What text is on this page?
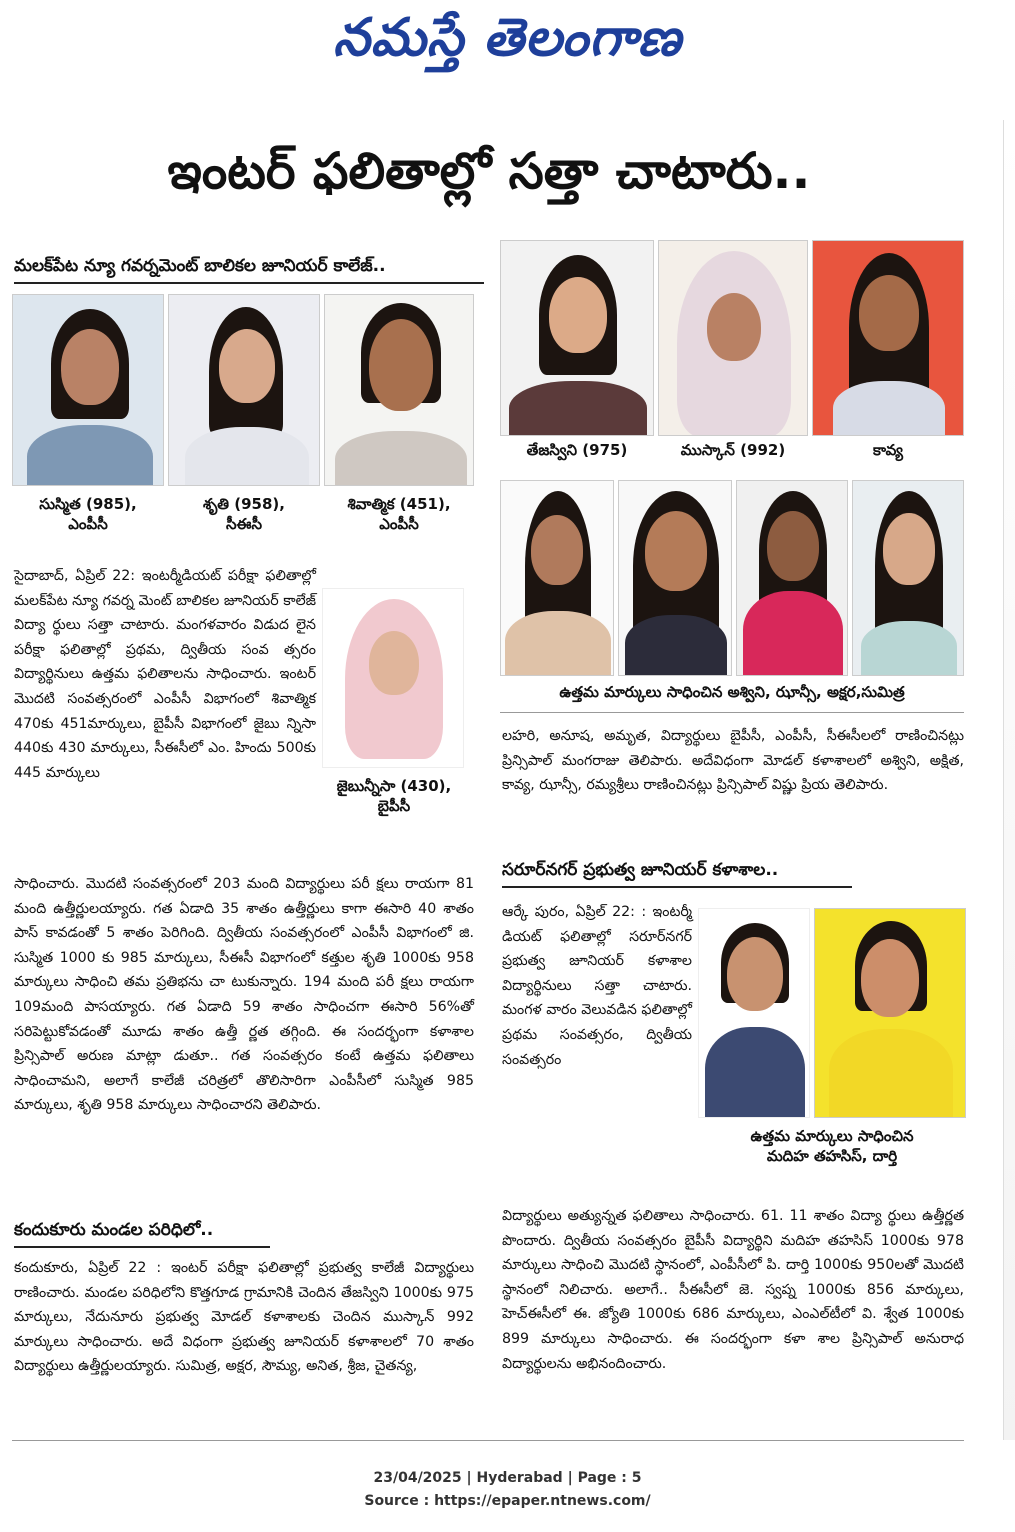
నమస్తే తెలంగాణ
ఇంటర్ ఫలితాల్లో సత్తా చాటారు..
మలక్‌పేట న్యూ గవర్నమెంట్ బాలికల జూనియర్ కాలేజ్..
సుస్మిత (985),
ఎంపీసీ
శృతి (958),
సీఈసీ
శివాత్మిక (451),
ఎంపీసీ

సైదాబాద్, ఏప్రిల్ 22: ఇంటర్మీడియట్ పరీక్షా ఫలితాల్లో మలక్‌పేట న్యూ గవర్న మెంట్ బాలికల జూనియర్ కాలేజ్ విద్యా ర్థులు సత్తా చాటారు. మంగళవారం విడుద లైన పరీక్షా ఫలితాల్లో ప్రథమ, ద్వితీయ సంవ త్సరం విద్యార్థినులు ఉత్తమ ఫలితాలను సాధించారు. ఇంటర్ మొదటి సంవత్సరంలో ఎంపీసీ విభాగంలో శివాత్మిక 470కు 451మార్కులు, బైపీసీ విభాగంలో జైబు న్నిసా 440కు 430 మార్కులు, సీఈసీలో ఎం. హిందు 500కు 445 మార్కులు

జైబున్నీసా (430),
బైపీసీ

సాధించారు. మొదటి సంవత్సరంలో 203 మంది విద్యార్థులు పరీ క్షలు రాయగా 81 మంది ఉత్తీర్ణులయ్యారు. గత ఏడాది 35 శాతం ఉత్తీర్ణులు కాగా ఈసారి 40 శాతం పాస్ కావడంతో 5 శాతం పెరిగింది. ద్వితీయ సంవత్సరంలో ఎంపీసీ విభాగంలో జి. సుస్మిత 1000 కు 985 మార్కులు, సీఈసీ విభాగంలో కత్తుల శృతి 1000కు 958 మార్కులు సాధించి తమ ప్రతిభను చా టుకున్నారు. 194 మంది పరీ క్షలు రాయగా 109మంది పాసయ్యారు. గత ఏడాది 59 శాతం సాధించగా ఈసారి 56%తో సరిపెట్టుకోవడంతో మూడు శాతం ఉత్తీ ర్ణత తగ్గింది. ఈ సందర్భంగా కళాశాల ప్రిన్సిపాల్ అరుణ మాట్లా డుతూ.. గత సంవత్సరం కంటే ఉత్తమ ఫలితాలు సాధించామని, అలాగే కాలేజీ చరిత్రలో తొలిసారిగా ఎంపీసీలో సుస్మిత 985 మార్కులు, శృతి 958 మార్కులు సాధించారని తెలిపారు.

కందుకూరు మండల పరిధిలో..

కందుకూరు, ఏప్రిల్ 22 : ఇంటర్ పరీక్షా ఫలితాల్లో ప్రభుత్వ కాలేజీ విద్యార్థులు రాణించారు. మండల పరిధిలోని కొత్తగూడ గ్రామానికి చెందిన తేజస్విని 1000కు 975 మార్కులు, నేదునూరు ప్రభుత్వ మోడల్ కళాశాలకు చెందిన ముస్కాన్ 992 మార్కులు సాధించారు. అదే విధంగా ప్రభుత్వ జూనియర్ కళాశాలలో 70 శాతం విద్యార్థులు ఉత్తీర్ణులయ్యారు. సుమిత్ర, అక్షర, సౌమ్య, అనిత, శ్రీజ, చైతన్య,

తేజస్విని (975)	ముస్కాన్ (992)	కావ్య
ఉత్తమ మార్కులు సాధించిన అశ్విని, ఝాన్సీ, అక్షర,సుమిత్ర

లహరి, అనూష, అమృత, విద్యార్థులు బైపీసీ, ఎంపీసీ, సీఈసీలలో రాణించినట్లు ప్రిన్సిపాల్ మంగరాజు తెలిపారు. అదేవిధంగా మోడల్ కళాశాలలో అశ్విని, అక్షిత, కావ్య, ఝాన్సీ, రమ్యశ్రీలు రాణించినట్లు ప్రిన్సిపాల్ విష్ణు ప్రియ తెలిపారు.

సరూర్‌నగర్ ప్రభుత్వ జూనియర్ కళాశాల..

ఆర్కే పురం, ఏప్రిల్ 22: : ఇంటర్మీ డియట్ ఫలితాల్లో సరూర్‌నగర్ ప్రభుత్వ జూనియర్ కళాశాల విద్యార్థినులు సత్తా చాటారు. మంగళ వారం వెలువడిన ఫలితాల్లో ప్రథమ సంవత్సరం, ద్వితీయ సంవత్సరం

ఉత్తమ మార్కులు సాధించిన
మదిహ తహసిస్, దార్తి

విద్యార్థులు అత్యున్నత ఫలితాలు సాధించారు. 61. 11 శాతం విద్యా ర్థులు ఉత్తీర్ణత పొందారు. ద్వితీయ సంవత్సరం బైపీసీ విద్యార్థిని మదిహ తహసిస్ 1000కు 978 మార్కులు సాధించి మొదటి స్థానంలో, ఎంపీసీలో పి. దార్తి 1000కు 950లతో మొదటి స్థానంలో నిలిచారు. అలాగే.. సీఈసీలో జె. స్వప్న 1000కు 856 మార్కులు, హెచ్ఈసీలో ఈ. జ్యోతి 1000కు 686 మార్కులు, ఎంఎల్‌టీలో వి. శ్వేత 1000కు 899 మార్కులు సాధించారు. ఈ సందర్భంగా కళా శాల ప్రిన్సిపాల్ అనురాధ విద్యార్థులను అభినందించారు.

23/04/2025 | Hyderabad | Page : 5
Source : https://epaper.ntnews.com/
